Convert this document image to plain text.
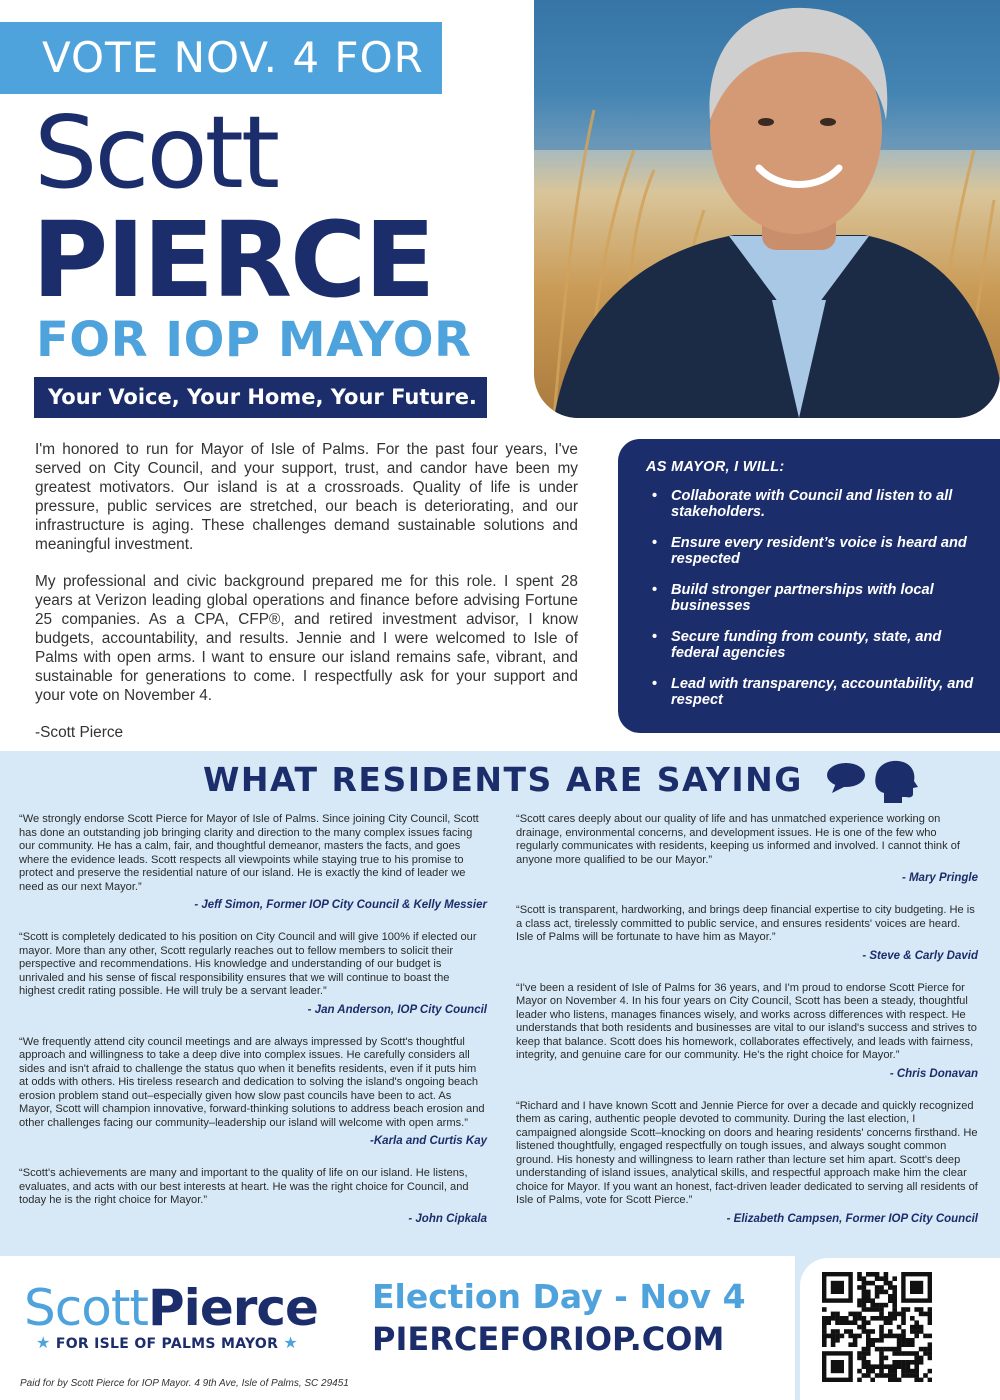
VOTE NOV. 4 FOR
Scott
PIERCE
FOR IOP MAYOR
Your Voice, Your Home, Your Future.

I'm honored to run for Mayor of Isle of Palms. For the past four years, I've served on City Council, and your support, trust, and candor have been my greatest motivators. Our island is at a crossroads. Quality of life is under pressure, public services are stretched, our beach is deteriorating, and our infrastructure is aging. These challenges demand sustainable solutions and meaningful investment.

My professional and civic background prepared me for this role. I spent 28 years at Verizon leading global operations and finance before advising Fortune 25 companies. As a CPA, CFP®, and retired investment advisor, I know budgets, accountability, and results. Jennie and I were welcomed to Isle of Palms with open arms. I want to ensure our island remains safe, vibrant, and sustainable for generations to come. I respectfully ask for your support and your vote on November 4.

-Scott Pierce

AS MAYOR, I WILL:
• Collaborate with Council and listen to all stakeholders.
• Ensure every resident’s voice is heard and respected
• Build stronger partnerships with local businesses
• Secure funding from county, state, and federal agencies
• Lead with transparency, accountability, and respect
WHAT RESIDENTS ARE SAYING
“We strongly endorse Scott Pierce for Mayor of Isle of Palms. Since joining City Council, Scott has done an outstanding job bringing clarity and direction to the many complex issues facing our community. He has a calm, fair, and thoughtful demeanor, masters the facts, and goes where the evidence leads. Scott respects all viewpoints while staying true to his promise to protect and preserve the residential nature of our island. He is exactly the kind of leader we need as our next Mayor.”
- Jeff Simon, Former IOP City Council & Kelly Messier
“Scott is completely dedicated to his position on City Council and will give 100% if elected our mayor. More than any other, Scott regularly reaches out to fellow members to solicit their perspective and recommendations. His knowledge and understanding of our budget is unrivaled and his sense of fiscal responsibility ensures that we will continue to boast the highest credit rating possible. He will truly be a servant leader.”
- Jan Anderson, IOP City Council
“We frequently attend city council meetings and are always impressed by Scott's thoughtful approach and willingness to take a deep dive into complex issues. He carefully considers all sides and isn't afraid to challenge the status quo when it benefits residents, even if it puts him at odds with others. His tireless research and dedication to solving the island's ongoing beach erosion problem stand out–especially given how slow past councils have been to act. As Mayor, Scott will champion innovative, forward-thinking solutions to address beach erosion and other challenges facing our community–leadership our island will welcome with open arms.”
-Karla and Curtis Kay
“Scott's achievements are many and important to the quality of life on our island. He listens, evaluates, and acts with our best interests at heart. He was the right choice for Council, and today he is the right choice for Mayor.”
- John Cipkala
“Scott cares deeply about our quality of life and has unmatched experience working on drainage, environmental concerns, and development issues. He is one of the few who regularly communicates with residents, keeping us informed and involved. I cannot think of anyone more qualified to be our Mayor.”
- Mary Pringle
“Scott is transparent, hardworking, and brings deep financial expertise to city budgeting. He is a class act, tirelessly committed to public service, and ensures residents' voices are heard. Isle of Palms will be fortunate to have him as Mayor.”
- Steve & Carly David
“I've been a resident of Isle of Palms for 36 years, and I'm proud to endorse Scott Pierce for Mayor on November 4. In his four years on City Council, Scott has been a steady, thoughtful leader who listens, manages finances wisely, and works across differences with respect. He understands that both residents and businesses are vital to our island's success and strives to keep that balance. Scott does his homework, collaborates effectively, and leads with fairness, integrity, and genuine care for our community. He's the right choice for Mayor.”
- Chris Donavan
“Richard and I have known Scott and Jennie Pierce for over a decade and quickly recognized them as caring, authentic people devoted to community. During the last election, I campaigned alongside Scott–knocking on doors and hearing residents' concerns firsthand. He listened thoughtfully, engaged respectfully on tough issues, and always sought common ground. His honesty and willingness to learn rather than lecture set him apart. Scott's deep understanding of island issues, analytical skills, and respectful approach make him the clear choice for Mayor. If you want an honest, fact-driven leader dedicated to serving all residents of Isle of Palms, vote for Scott Pierce.”
- Elizabeth Campsen, Former IOP City Council
ScottPierce
★ FOR ISLE OF PALMS MAYOR ★
Election Day - Nov 4
PIERCEFORIOP.COM
Paid for by Scott Pierce for IOP Mayor. 4 9th Ave, Isle of Palms, SC 29451
